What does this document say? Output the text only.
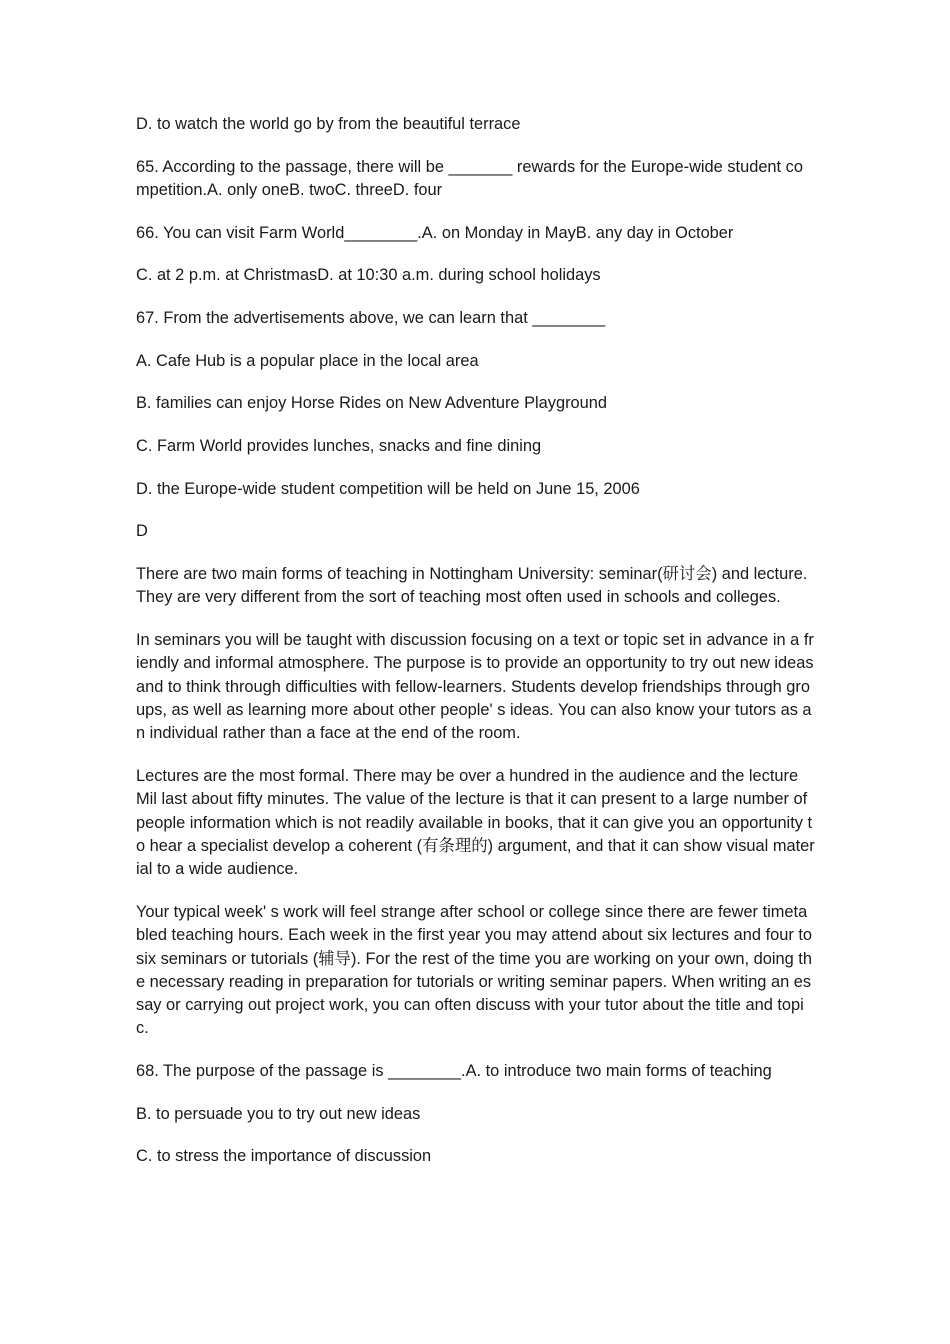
D. to watch the world go by from the beautiful terrace

65. According to the passage, there will be _______ rewards for the Europe-wide student competition.A. only oneB. twoC. threeD. four

66. You can visit Farm World________.A. on Monday in MayB. any day in October

C. at 2 p.m. at ChristmasD. at 10:30 a.m. during school holidays

67. From the advertisements above, we can learn that ________

A. Cafe Hub is a popular place in the local area

B. families can enjoy Horse Rides on New Adventure Playground

C. Farm World provides lunches, snacks and fine dining

D. the Europe-wide student competition will be held on June 15, 2006

D

There are two main forms of teaching in Nottingham University: seminar(研讨会) and lecture. They are very different from the sort of teaching most often used in schools and colleges.

In seminars you will be taught with discussion focusing on a text or topic set in advance in a friendly and informal atmosphere. The purpose is to provide an opportunity to try out new ideas and to think through difficulties with fellow-learners. Students develop friendships through groups, as well as learning more about other people' s ideas. You can also know your tutors as an individual rather than a face at the end of the room.

Lectures are the most formal. There may be over a hundred in the audience and the lecture Mil last about fifty minutes. The value of the lecture is that it can present to a large number of people information which is not readily available in books, that it can give you an opportunity to hear a specialist develop a coherent (有条理的) argument, and that it can show visual material to a wide audience.

Your typical week' s work will feel strange after school or college since there are fewer timetabled teaching hours. Each week in the first year you may attend about six lectures and four to six seminars or tutorials (辅导). For the rest of the time you are working on your own, doing the necessary reading in preparation for tutorials or writing seminar papers. When writing an essay or carrying out project work, you can often discuss with your tutor about the title and topic.

68. The purpose of the passage is ________.A. to introduce two main forms of teaching

B. to persuade you to try out new ideas

C. to stress the importance of discussion
